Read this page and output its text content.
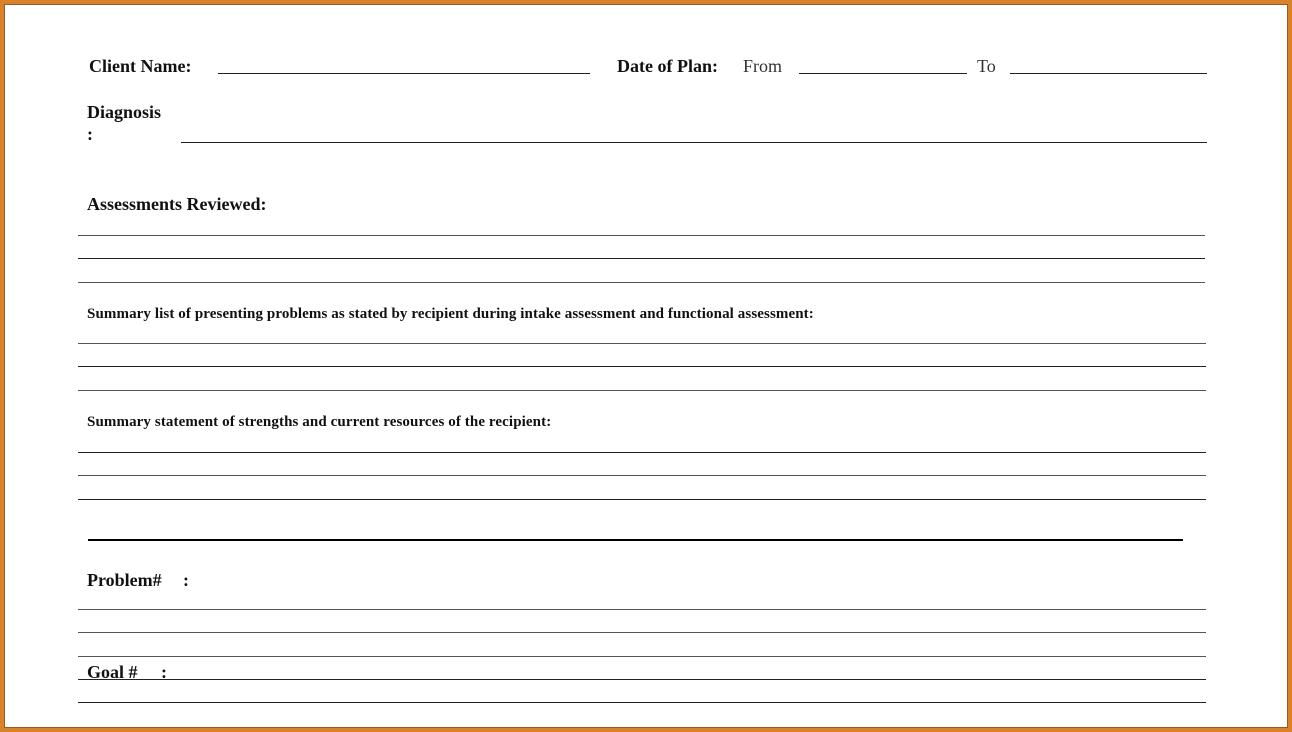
Client Name:	Date of Plan: From	To
Diagnosis
:
Assessments Reviewed:
Summary list of presenting problems as stated by recipient during intake assessment and functional assessment:
Summary statement of strengths and current resources of the recipient:
Problem# :
Goal # :
